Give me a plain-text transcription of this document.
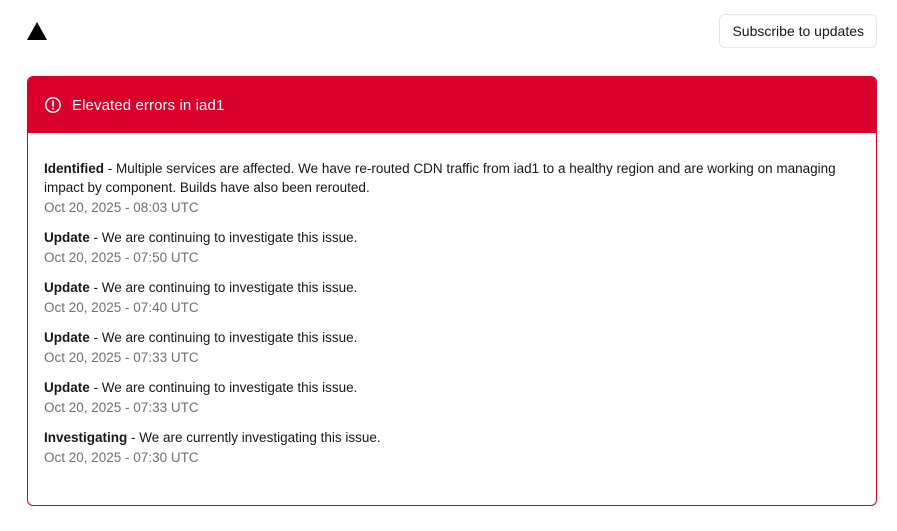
Subscribe to updates
Elevated errors in iad1

Identified - Multiple services are affected. We have re-routed CDN traffic from iad1 to a healthy region and are working on managing impact by component. Builds have also been rerouted.

Oct 20, 2025 - 08:03 UTC

Update - We are continuing to investigate this issue.

Oct 20, 2025 - 07:50 UTC

Update - We are continuing to investigate this issue.

Oct 20, 2025 - 07:40 UTC

Update - We are continuing to investigate this issue.

Oct 20, 2025 - 07:33 UTC

Update - We are continuing to investigate this issue.

Oct 20, 2025 - 07:33 UTC

Investigating - We are currently investigating this issue.

Oct 20, 2025 - 07:30 UTC
